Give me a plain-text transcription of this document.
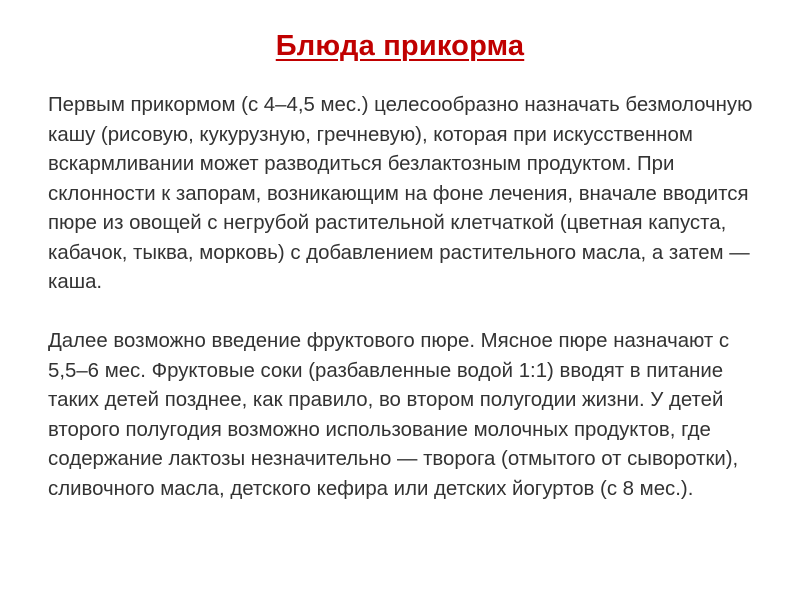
Блюда прикорма

Первым прикормом (с 4–4,5 мес.) целесообразно назначать безмолочную кашу (рисовую, кукурузную, гречневую), которая при искусственном вскармливании может разводиться безлактозным продуктом. При склонности к запорам, возникающим на фоне лечения, вначале вводится пюре из овощей с негрубой растительной клетчаткой (цветная капуста, кабачок, тыква, морковь) с добавлением растительного масла, а затем — каша.

Далее возможно введение фруктового пюре. Мясное пюре назначают с 5,5–6 мес. Фруктовые соки (разбавленные водой 1:1) вводят в питание таких детей позднее, как правило, во втором полугодии жизни. У детей второго полугодия возможно использование молочных продуктов, где содержание лактозы незначительно — творога (отмытого от сыворотки), сливочного масла, детского кефира или детских йогуртов (с 8 мес.).
